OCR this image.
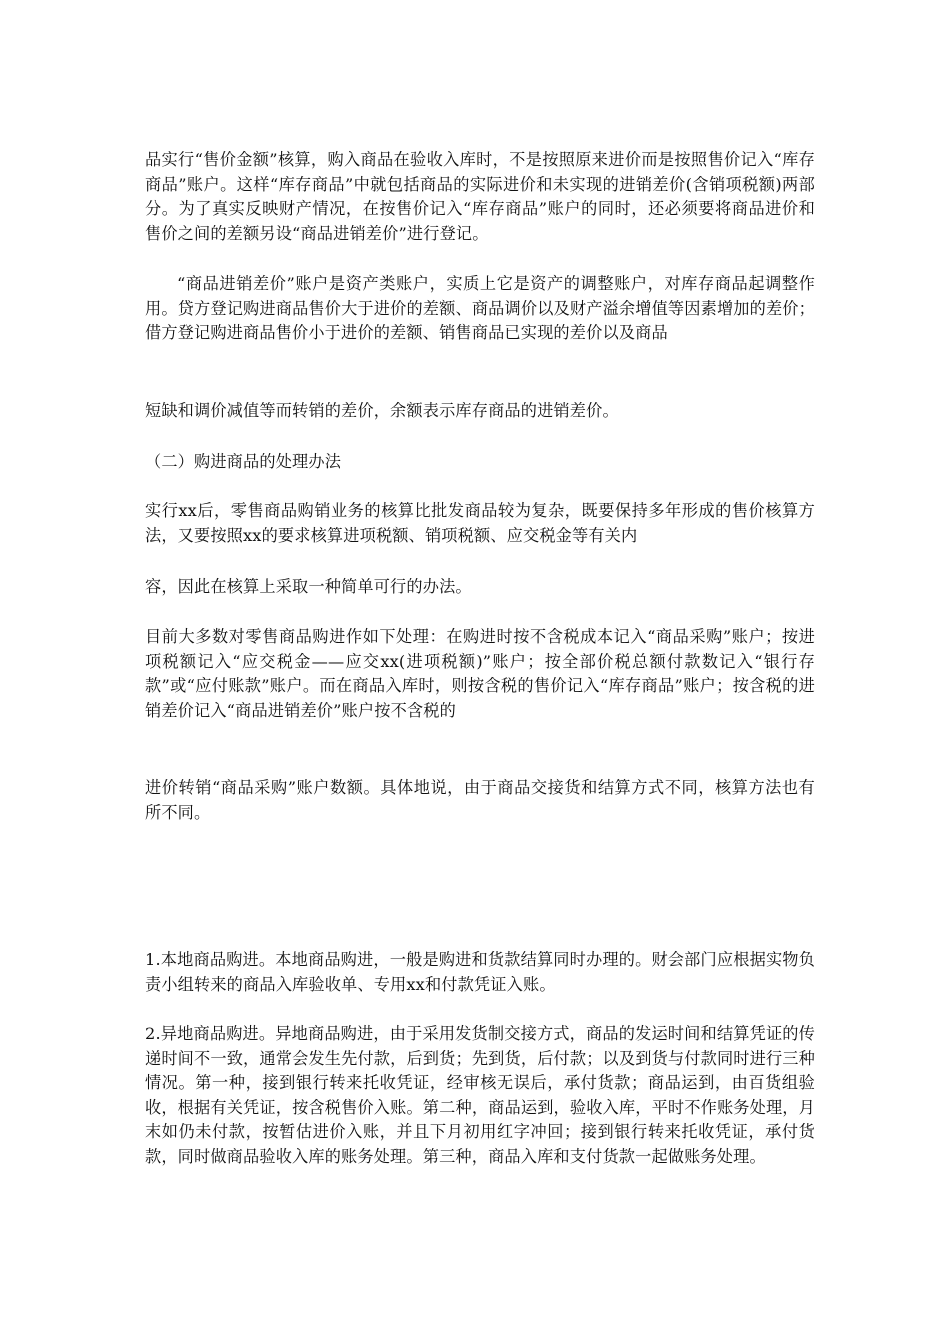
品实行“售价金额”核算，购入商品在验收入库时，不是按照原来进价而是按照售价记入“库存商品”账户。这样“库存商品”中就包括商品的实际进价和未实现的进销差价(含销项税额)两部分。为了真实反映财产情况，在按售价记入“库存商品”账户的同时，还必须要将商品进价和售价之间的差额另设“商品进销差价”进行登记。

“商品进销差价”账户是资产类账户，实质上它是资产的调整账户，对库存商品起调整作用。贷方登记购进商品售价大于进价的差额、商品调价以及财产溢余增值等因素增加的差价；借方登记购进商品售价小于进价的差额、销售商品已实现的差价以及商品

短缺和调价减值等而转销的差价，余额表示库存商品的进销差价。

（二）购进商品的处理办法

实行xx后，零售商品购销业务的核算比批发商品较为复杂，既要保持多年形成的售价核算方法，又要按照xx的要求核算进项税额、销项税额、应交税金等有关内

容，因此在核算上采取一种简单可行的办法。

目前大多数对零售商品购进作如下处理：在购进时按不含税成本记入“商品采购”账户；按进项税额记入“应交税金——应交xx(进项税额)”账户；按全部价税总额付款数记入“银行存款”或“应付账款”账户。而在商品入库时，则按含税的售价记入“库存商品”账户；按含税的进销差价记入“商品进销差价”账户按不含税的

进价转销“商品采购”账户数额。具体地说，由于商品交接货和结算方式不同，核算方法也有所不同。

1.本地商品购进。本地商品购进，一般是购进和货款结算同时办理的。财会部门应根据实物负责小组转来的商品入库验收单、专用xx和付款凭证入账。

2.异地商品购进。异地商品购进，由于采用发货制交接方式，商品的发运时间和结算凭证的传递时间不一致，通常会发生先付款，后到货；先到货，后付款；以及到货与付款同时进行三种情况。第一种，接到银行转来托收凭证，经审核无误后，承付货款；商品运到，由百货组验收，根据有关凭证，按含税售价入账。第二种，商品运到，验收入库，平时不作账务处理，月末如仍未付款，按暂估进价入账，并且下月初用红字冲回；接到银行转来托收凭证，承付货款，同时做商品验收入库的账务处理。第三种，商品入库和支付货款一起做账务处理。
